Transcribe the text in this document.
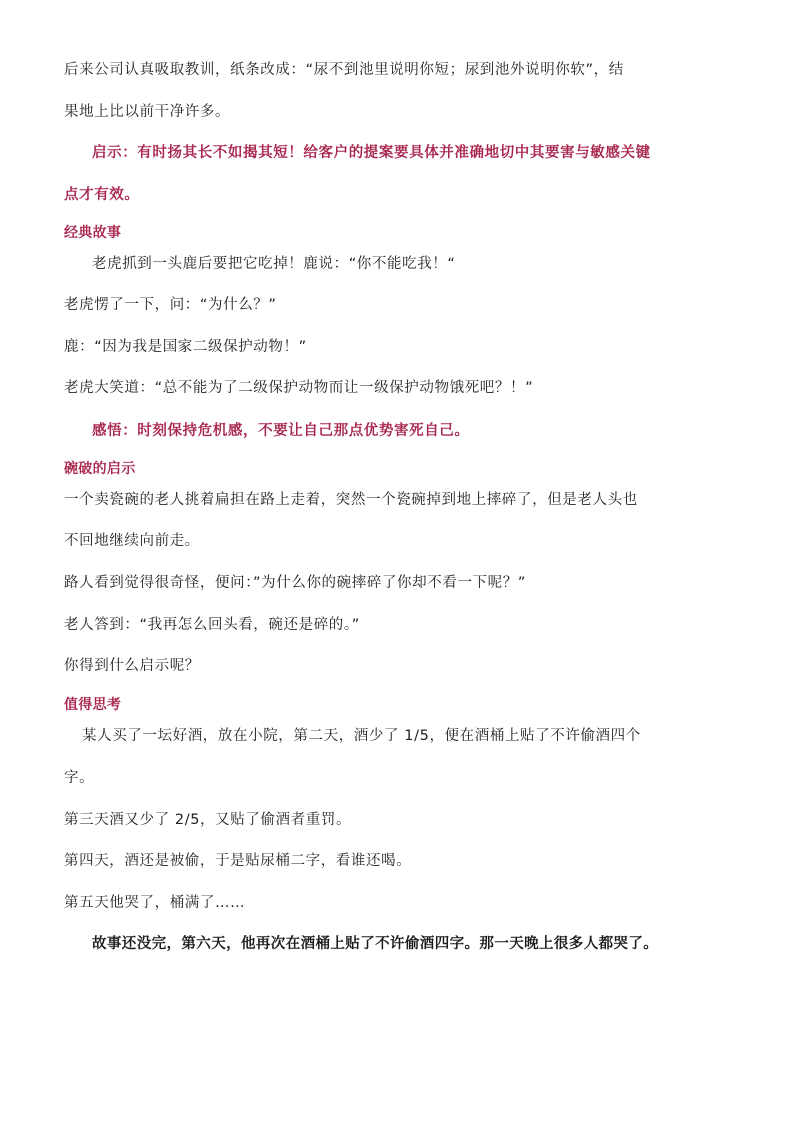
后来公司认真吸取教训，纸条改成：“尿不到池里说明你短；尿到池外说明你软”，结
果地上比以前干净许多。
启示：有时扬其长不如揭其短！给客户的提案要具体并准确地切中其要害与敏感关键
点才有效。
经典故事
老虎抓到一头鹿后要把它吃掉！鹿说：“你不能吃我！“
老虎愣了一下，问：“为什么？”
鹿：“因为我是国家二级保护动物！”
老虎大笑道：“总不能为了二级保护动物而让一级保护动物饿死吧？！”
感悟：时刻保持危机感，不要让自己那点优势害死自己。
碗破的启示
一个卖瓷碗的老人挑着扁担在路上走着，突然一个瓷碗掉到地上摔碎了，但是老人头也
不回地继续向前走。
路人看到觉得很奇怪，便问：”为什么你的碗摔碎了你却不看一下呢？”
老人答到：“我再怎么回头看，碗还是碎的。”
你得到什么启示呢？
值得思考
某人买了一坛好酒，放在小院，第二天，酒少了 1/5，便在酒桶上贴了不许偷酒四个
字。
第三天酒又少了 2/5，又贴了偷酒者重罚。
第四天，酒还是被偷，于是贴尿桶二字，看谁还喝。
第五天他哭了，桶满了……
故事还没完，第六天，他再次在酒桶上贴了不许偷酒四字。那一天晚上很多人都哭了。
